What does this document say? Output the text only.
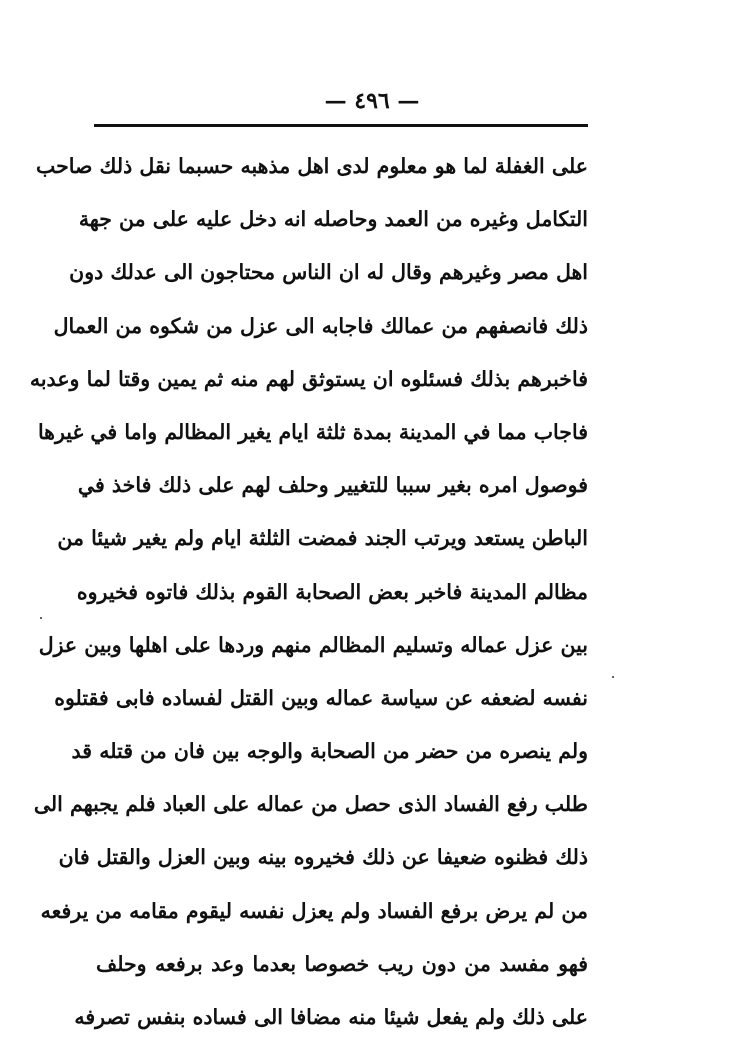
— ٤٩٦ —
على الغفلة لما هو معلوم لدى اهل مذهبه حسبما نقل ذلك صاحب
التكامل وغيره من العمد وحاصله انه دخل عليه على من جهة
اهل مصر وغيرهم وقال له ان الناس محتاجون الى عدلك دون
ذلك فانصفهم من عمالك فاجابه الى عزل من شكوه من العمال
فاخبرهم بذلك فسئلوه ان يستوثق لهم منه ثم يمين وقتا لما وعدبه
فاجاب مما في المدينة بمدة ثلثة ايام يغير المظالم واما في غيرها
فوصول امره بغير سببا للتغيير وحلف لهم على ذلك فاخذ في
الباطن يستعد ويرتب الجند فمضت الثلثة ايام ولم يغير شيئا من
مظالم المدينة فاخبر بعض الصحابة القوم بذلك فاتوه فخيروه
بين عزل عماله وتسليم المظالم منهم وردها على اهلها وبين عزل
نفسه لضعفه عن سياسة عماله وبين القتل لفساده فابى فقتلوه
ولم ينصره من حضر من الصحابة والوجه بين فان من قتله قد
طلب رفع الفساد الذى حصل من عماله على العباد فلم يجبهم الى
ذلك فظنوه ضعيفا عن ذلك فخيروه بينه وبين العزل والقتل فان
من لم يرض برفع الفساد ولم يعزل نفسه ليقوم مقامه من يرفعه
فهو مفسد من دون ريب خصوصا بعدما وعد برفعه وحلف
على ذلك ولم يفعل شيئا منه مضافا الى فساده بنفس تصرفه
